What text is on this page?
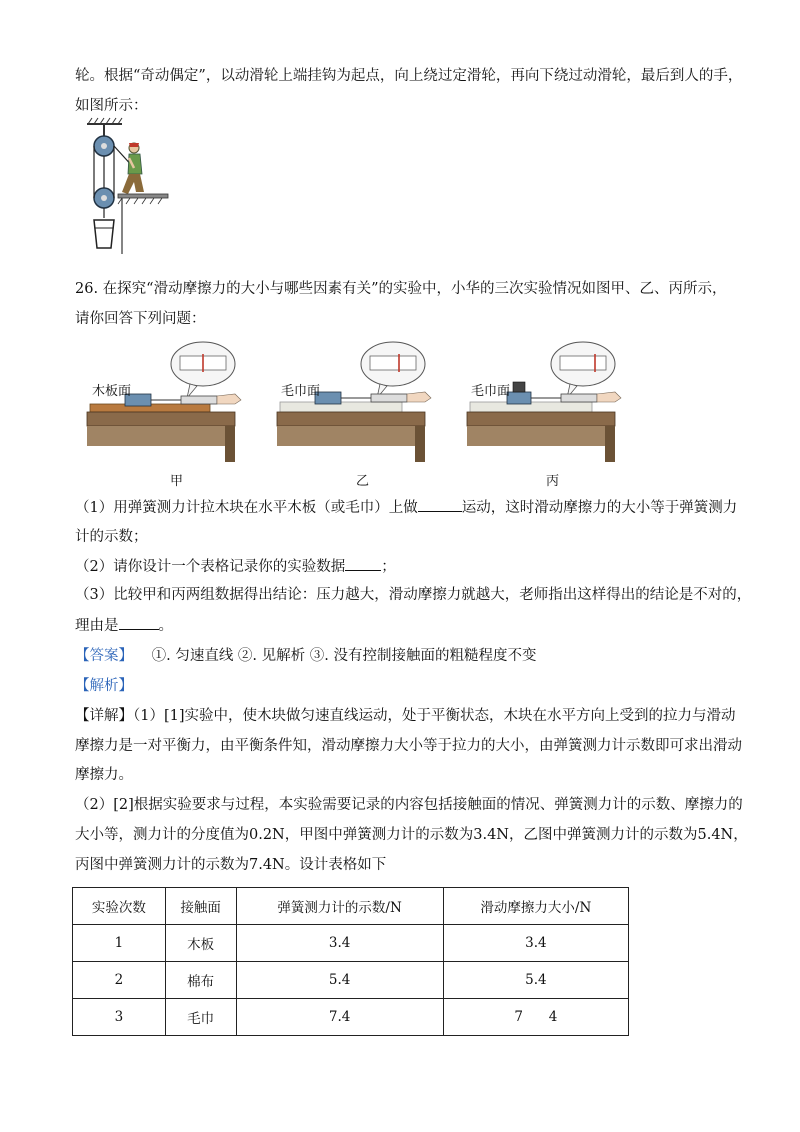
轮。根据“奇动偶定”，以动滑轮上端挂钩为起点，向上绕过定滑轮，再向下绕过动滑轮，最后到人的手，
如图所示：
26. 在探究“滑动摩擦力的大小与哪些因素有关”的实验中，小华的三次实验情况如图甲、乙、丙所示，
请你回答下列问题：
木板面
甲
毛巾面
乙
毛巾面
丙
（1）用弹簧测力计拉木块在水平木板（或毛巾）上做	运动，这时滑动摩擦力的大小等于弹簧测力
计的示数；
（2）请你设计一个表格记录你的实验数据 ；
（3）比较甲和丙两组数据得出结论：压力越大，滑动摩擦力就越大，老师指出这样得出的结论是不对的，
理由是	。
【答案】 ①. 匀速直线 ②. 见解析 ③. 没有控制接触面的粗糙程度不变
【解析】
【详解】（1）[1]实验中，使木块做匀速直线运动，处于平衡状态，木块在水平方向上受到的拉力与滑动
摩擦力是一对平衡力，由平衡条件知，滑动摩擦力大小等于拉力的大小，由弹簧测力计示数即可求出滑动
摩擦力。
（2）[2]根据实验要求与过程，本实验需要记录的内容包括接触面的情况、弹簧测力计的示数、摩擦力的
大小等，测力计的分度值为0.2N，甲图中弹簧测力计的示数为3.4N，乙图中弹簧测力计的示数为5.4N，
丙图中弹簧测力计的示数为7.4N。设计表格如下
实验次数	接触面	弹簧测力计的示数/N	滑动摩擦力大小/N
1	木板	3.4	3.4
2	棉布	5.4	5.4
3	毛巾	7.4	7      4
